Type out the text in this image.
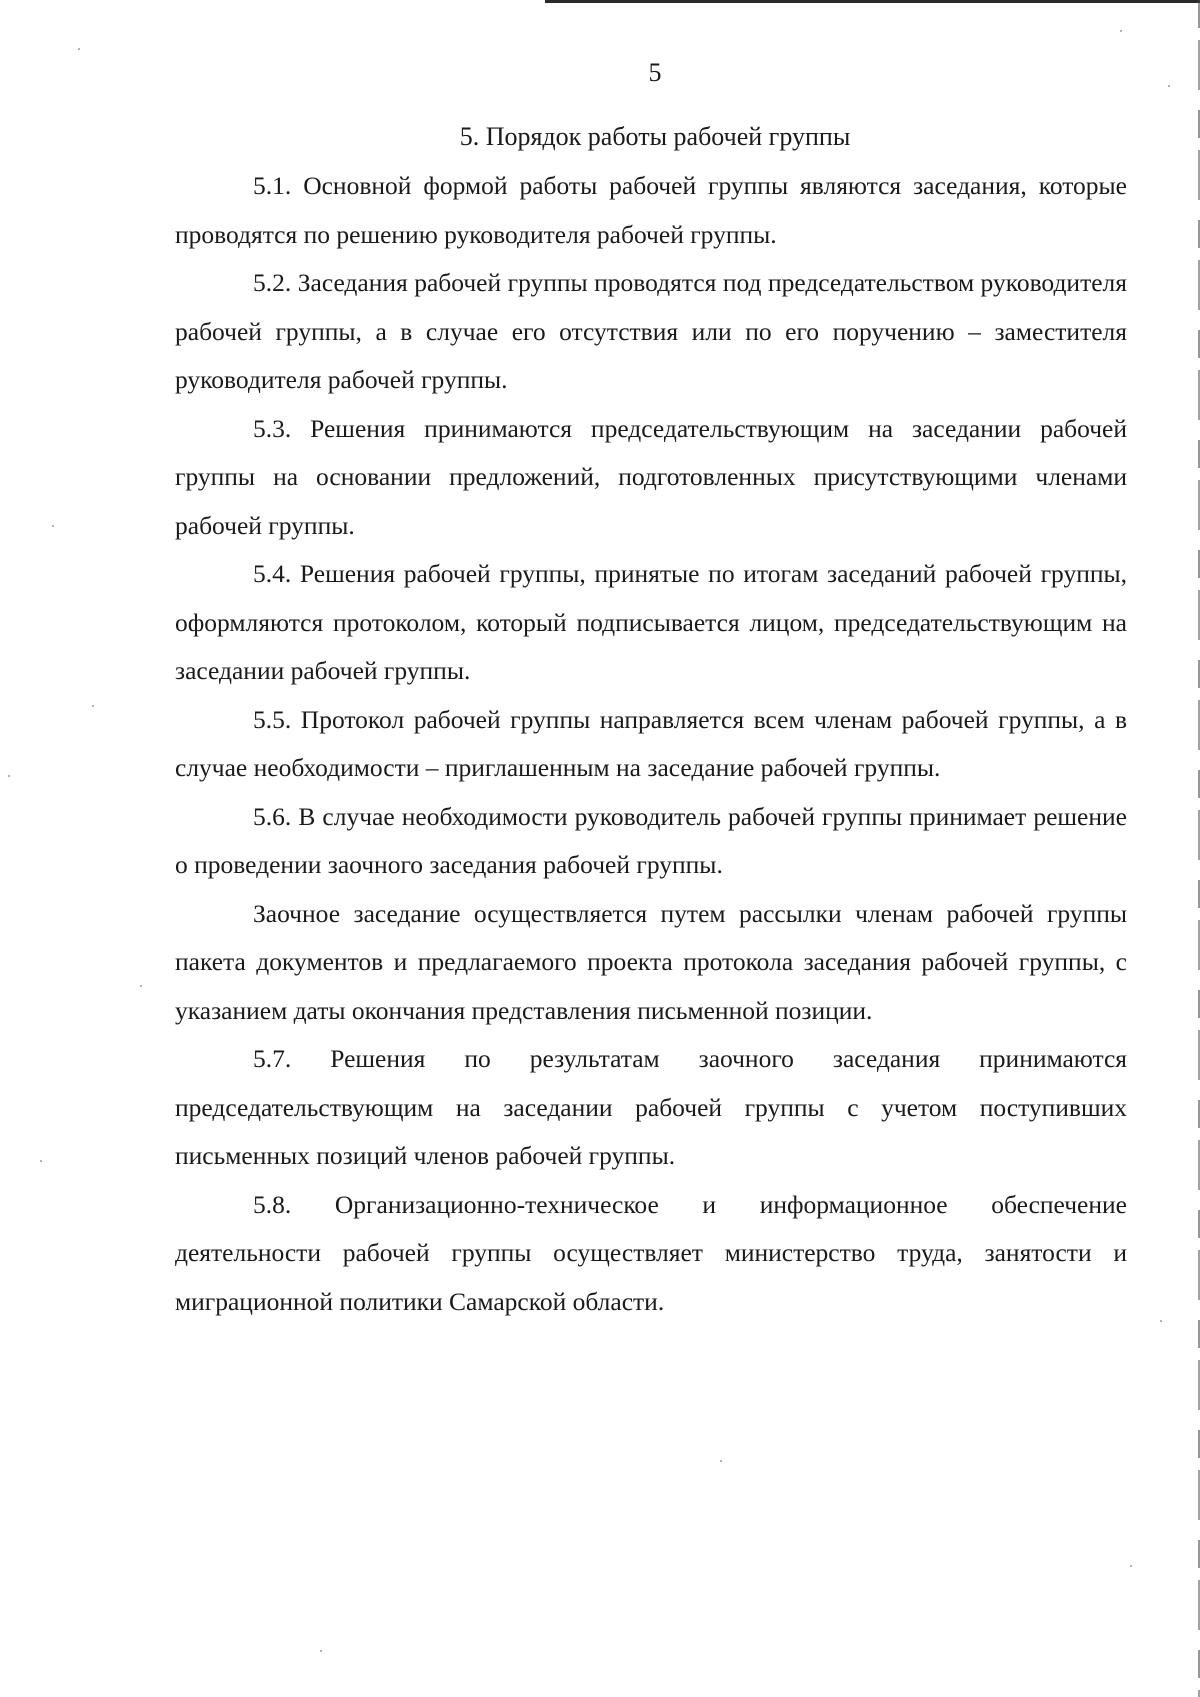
5
5. Порядок работы рабочей группы

5.1. Основной формой работы рабочей группы являются заседания, которые проводятся по решению руководителя рабочей группы.

5.2. Заседания рабочей группы проводятся под председательством руководителя рабочей группы, а в случае его отсутствия или по его поручению – заместителя руководителя рабочей группы.

5.3. Решения принимаются председательствующим на заседании рабочей группы на основании предложений, подготовленных присутствующими членами рабочей группы.

5.4. Решения рабочей группы, принятые по итогам заседаний рабочей группы, оформляются протоколом, который подписывается лицом, председательствующим на заседании рабочей группы.

5.5. Протокол рабочей группы направляется всем членам рабочей группы, а в случае необходимости – приглашенным на заседание рабочей группы.

5.6. В случае необходимости руководитель рабочей группы принимает решение о проведении заочного заседания рабочей группы.

Заочное заседание осуществляется путем рассылки членам рабочей группы пакета документов и предлагаемого проекта протокола заседания рабочей группы, с указанием даты окончания представления письменной позиции.

5.7. Решения по результатам заочного заседания принимаются председательствующим на заседании рабочей группы с учетом поступивших письменных позиций членов рабочей группы.

5.8. Организационно-техническое и информационное обеспечение деятельности рабочей группы осуществляет министерство труда, занятости и миграционной политики Самарской области.
